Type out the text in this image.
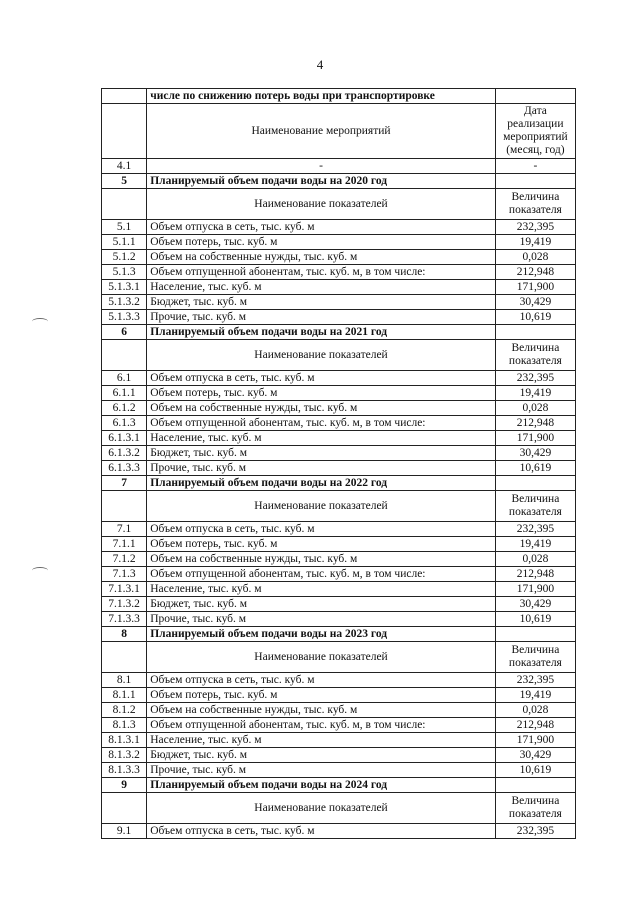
4
	числе по снижению потерь воды при транспортировке	
	Наименование мероприятий	Дата реализации мероприятий (месяц, год)
4.1	-	-
5	Планируемый объем подачи воды на 2020 год	
	Наименование показателей	Величина показателя
5.1	Объем отпуска в сеть, тыс. куб. м	232,395
5.1.1	Объем потерь, тыс. куб. м	19,419
5.1.2	Объем на собственные нужды, тыс. куб. м	0,028
5.1.3	Объем отпущенной абонентам, тыс. куб. м, в том числе:	212,948
5.1.3.1	Население, тыс. куб. м	171,900
5.1.3.2	Бюджет, тыс. куб. м	30,429
5.1.3.3	Прочие, тыс. куб. м	10,619
6	Планируемый объем подачи воды на 2021 год	
	Наименование показателей	Величина показателя
6.1	Объем отпуска в сеть, тыс. куб. м	232,395
6.1.1	Объем потерь, тыс. куб. м	19,419
6.1.2	Объем на собственные нужды, тыс. куб. м	0,028
6.1.3	Объем отпущенной абонентам, тыс. куб. м, в том числе:	212,948
6.1.3.1	Население, тыс. куб. м	171,900
6.1.3.2	Бюджет, тыс. куб. м	30,429
6.1.3.3	Прочие, тыс. куб. м	10,619
7	Планируемый объем подачи воды на 2022 год	
	Наименование показателей	Величина показателя
7.1	Объем отпуска в сеть, тыс. куб. м	232,395
7.1.1	Объем потерь, тыс. куб. м	19,419
7.1.2	Объем на собственные нужды, тыс. куб. м	0,028
7.1.3	Объем отпущенной абонентам, тыс. куб. м, в том числе:	212,948
7.1.3.1	Население, тыс. куб. м	171,900
7.1.3.2	Бюджет, тыс. куб. м	30,429
7.1.3.3	Прочие, тыс. куб. м	10,619
8	Планируемый объем подачи воды на 2023 год	
	Наименование показателей	Величина показателя
8.1	Объем отпуска в сеть, тыс. куб. м	232,395
8.1.1	Объем потерь, тыс. куб. м	19,419
8.1.2	Объем на собственные нужды, тыс. куб. м	0,028
8.1.3	Объем отпущенной абонентам, тыс. куб. м, в том числе:	212,948
8.1.3.1	Население, тыс. куб. м	171,900
8.1.3.2	Бюджет, тыс. куб. м	30,429
8.1.3.3	Прочие, тыс. куб. м	10,619
9	Планируемый объем подачи воды на 2024 год	
	Наименование показателей	Величина показателя
9.1	Объем отпуска в сеть, тыс. куб. м	232,395
